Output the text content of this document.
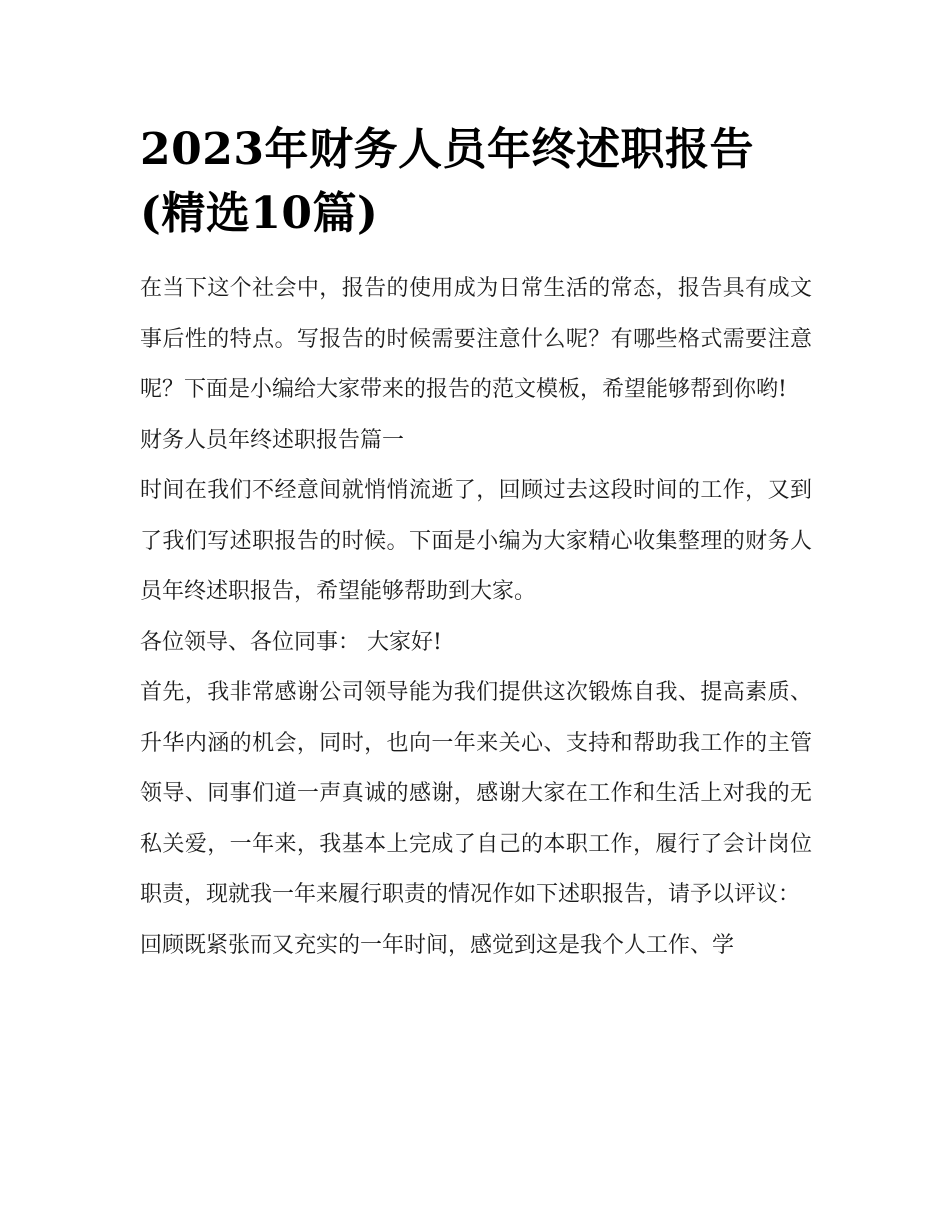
2023年财务人员年终述职报告(精选10篇)

在当下这个社会中，报告的使用成为日常生活的常态，报告具有成文事后性的特点。写报告的时候需要注意什么呢？有哪些格式需要注意呢？下面是小编给大家带来的报告的范文模板，希望能够帮到你哟!

财务人员年终述职报告篇一

时间在我们不经意间就悄悄流逝了，回顾过去这段时间的工作，又到了我们写述职报告的时候。下面是小编为大家精心收集整理的财务人员年终述职报告，希望能够帮助到大家。

各位领导、各位同事： 大家好!

首先，我非常感谢公司领导能为我们提供这次锻炼自我、提高素质、升华内涵的机会，同时，也向一年来关心、支持和帮助我工作的主管领导、同事们道一声真诚的感谢，感谢大家在工作和生活上对我的无私关爱，一年来，我基本上完成了自己的本职工作，履行了会计岗位职责，现就我一年来履行职责的情况作如下述职报告，请予以评议：

回顾既紧张而又充实的一年时间，感觉到这是我个人工作、学
